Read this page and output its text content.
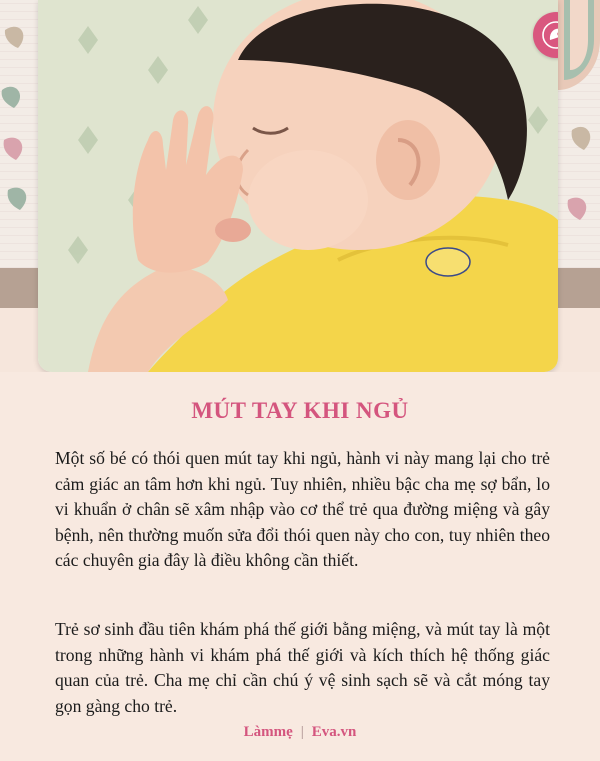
MÚT TAY KHI NGỦ

Một số bé có thói quen mút tay khi ngủ, hành vi này mang lại cho trẻ cảm giác an tâm hơn khi ngủ. Tuy nhiên, nhiều bậc cha mẹ sợ bẩn, lo vi khuẩn ở chân sẽ xâm nhập vào cơ thể trẻ qua đường miệng và gây bệnh, nên thường muốn sửa đổi thói quen này cho con, tuy nhiên theo các chuyên gia đây là điều không cần thiết.

Trẻ sơ sinh đầu tiên khám phá thế giới bằng miệng, và mút tay là một trong những hành vi khám phá thế giới và kích thích hệ thống giác quan của trẻ. Cha mẹ chỉ cần chú ý vệ sinh sạch sẽ và cắt móng tay gọn gàng cho trẻ.

Làmmẹ | Eva.vn
